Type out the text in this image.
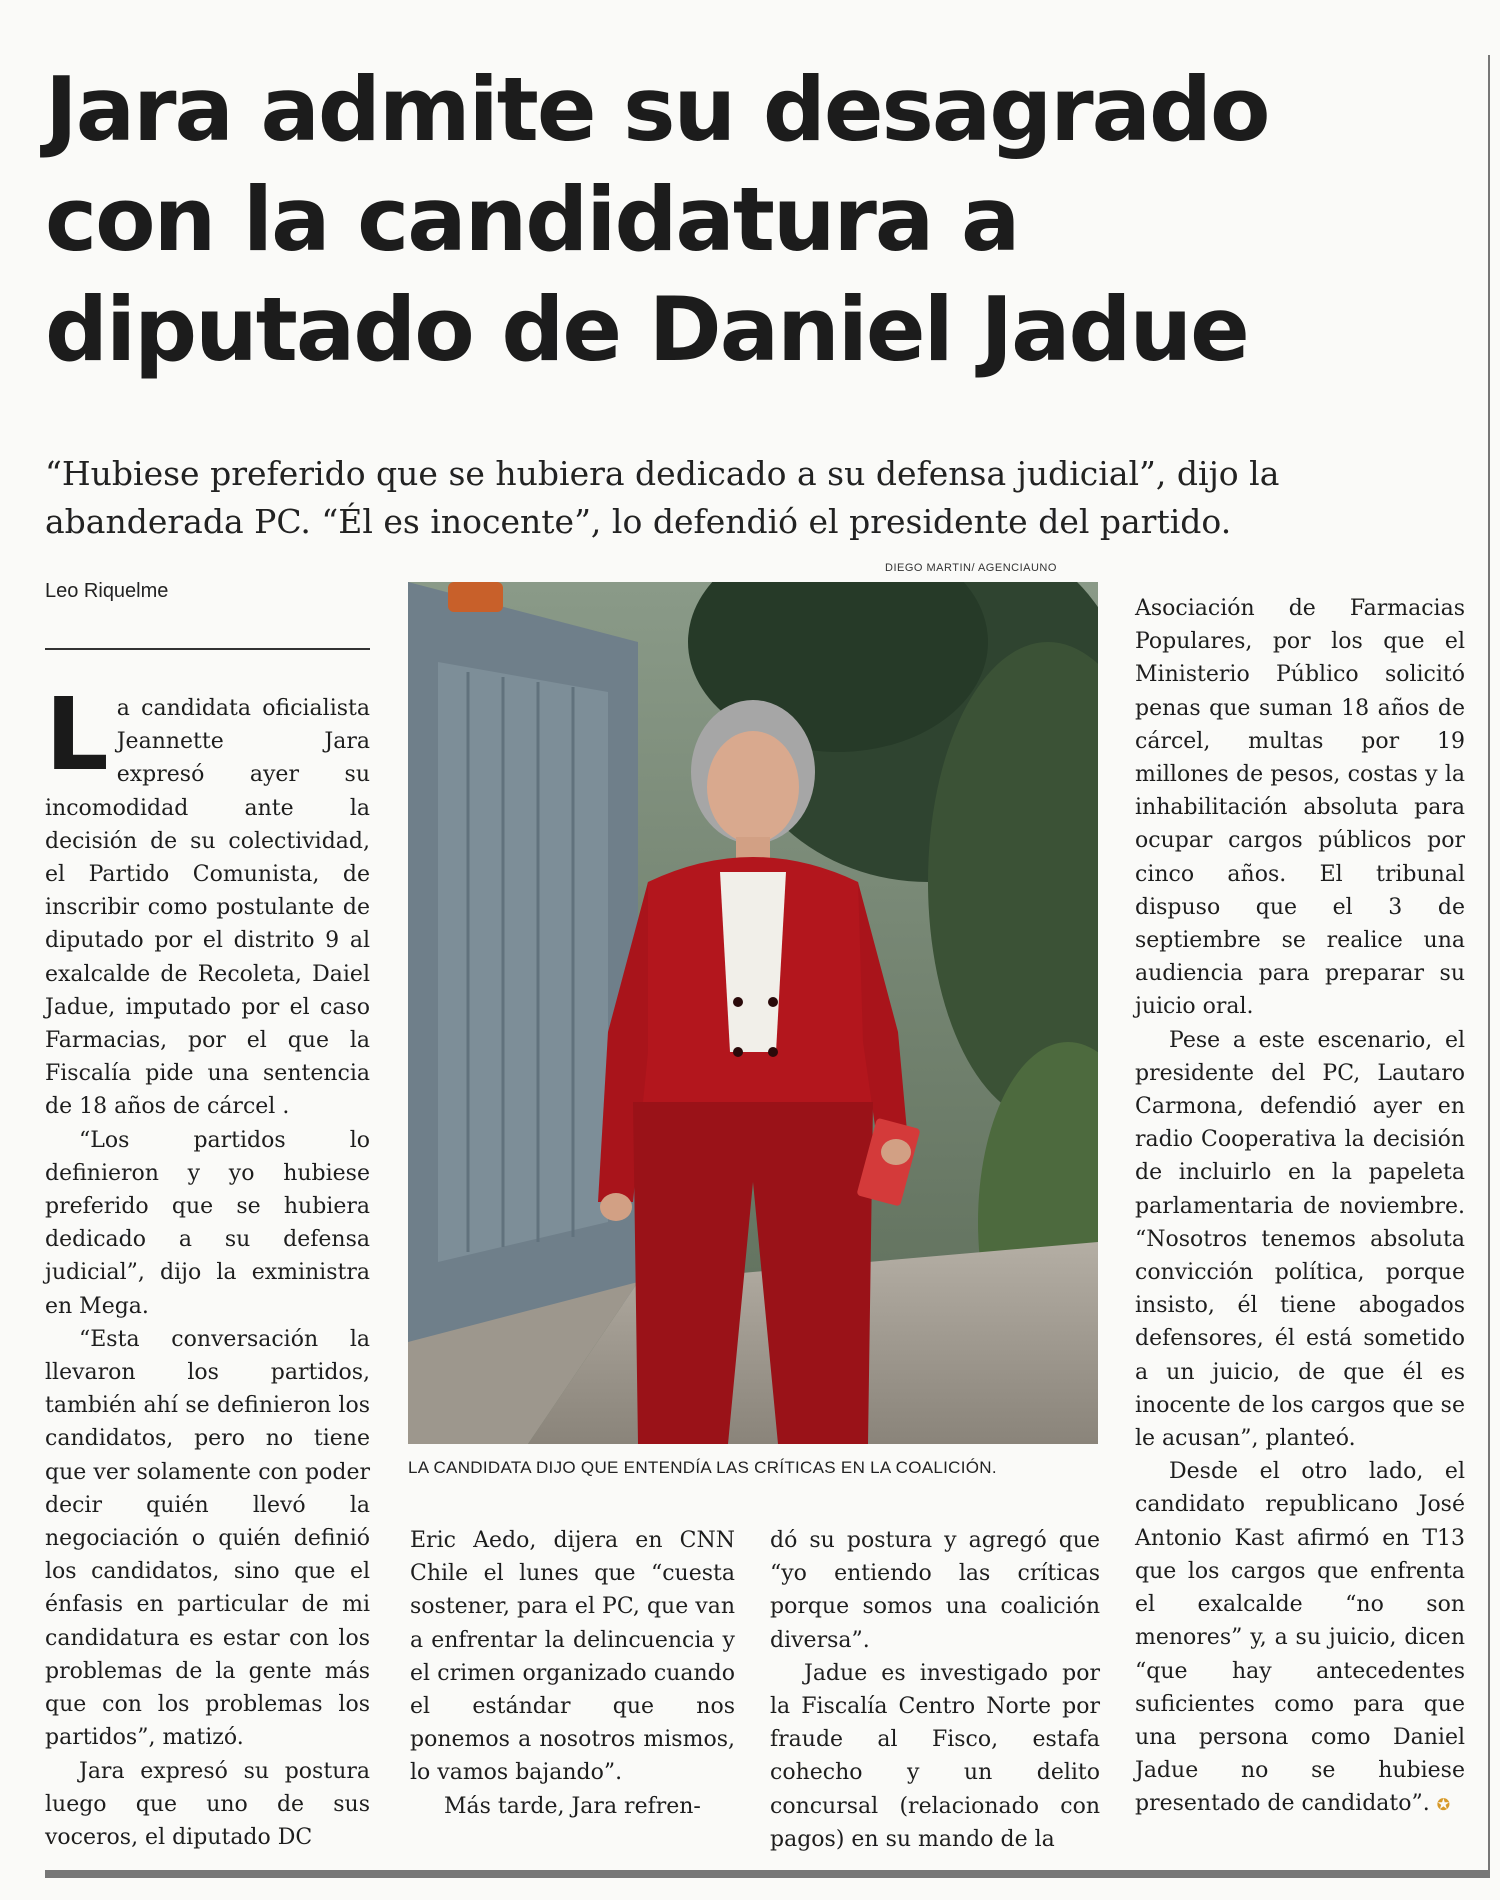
Jara admite su desagrado
con la candidatura a
diputado de Daniel Jadue
“Hubiese preferido que se hubiera dedicado a su defensa judicial”, dijo la
abanderada PC. “Él es inocente”, lo defendió el presidente del partido.
Leo Riquelme
DIEGO MARTIN/ AGENCIAUNO

La candidata oficialista Jeannette Jara expresó ayer su incomodidad ante la decisión de su colectividad, el Partido Comunista, de inscribir como postulante de diputado por el distrito 9 al exalcalde de Recoleta, Daiel Jadue, imputado por el caso Farmacias, por el que la Fiscalía pide una sentencia de 18 años de cárcel .

“Los partidos lo definieron y yo hubiese preferido que se hubiera dedicado a su defensa judicial”, dijo la exministra en Mega.

“Esta conversación la llevaron los partidos, también ahí se definieron los candidatos, pero no tiene que ver solamente con poder decir quién llevó la negociación o quién definió los candidatos, sino que el énfasis en particular de mi candidatura es estar con los problemas de la gente más que con los problemas los partidos”, matizó.

Jara expresó su postura luego que uno de sus voceros, el diputado DC

LA CANDIDATA DIJO QUE ENTENDÍA LAS CRÍTICAS EN LA COALICIÓN.

Eric Aedo, dijera en CNN Chile el lunes que “cuesta sostener, para el PC, que van a enfrentar la delincuencia y el crimen organizado cuando el estándar que nos ponemos a nosotros mismos, lo vamos bajando”.

Más tarde, Jara refren-

dó su postura y agregó que “yo entiendo las críticas porque somos una coalición diversa”.

Jadue es investigado por la Fiscalía Centro Norte por fraude al Fisco, estafa cohecho y un delito concursal (relacionado con pagos) en su mando de la

Asociación de Farmacias Populares, por los que el Ministerio Público solicitó penas que suman 18 años de cárcel, multas por 19 millones de pesos, costas y la inhabilitación absoluta para ocupar cargos públicos por cinco años. El tribunal dispuso que el 3 de septiembre se realice una audiencia para preparar su juicio oral.

Pese a este escenario, el presidente del PC, Lautaro Carmona, defendió ayer en radio Cooperativa la decisión de incluirlo en la papeleta parlamentaria de noviembre. “Nosotros tenemos absoluta convicción política, porque insisto, él tiene abogados defensores, él está sometido a un juicio, de que él es inocente de los cargos que se le acusan”, planteó.

Desde el otro lado, el candidato republicano José Antonio Kast afirmó en T13 que los cargos que enfrenta el exalcalde “no son menores” y, a su juicio, dicen “que hay antecedentes suficientes como para que una persona como Daniel Jadue no se hubiese presentado de candidato”. ✪
